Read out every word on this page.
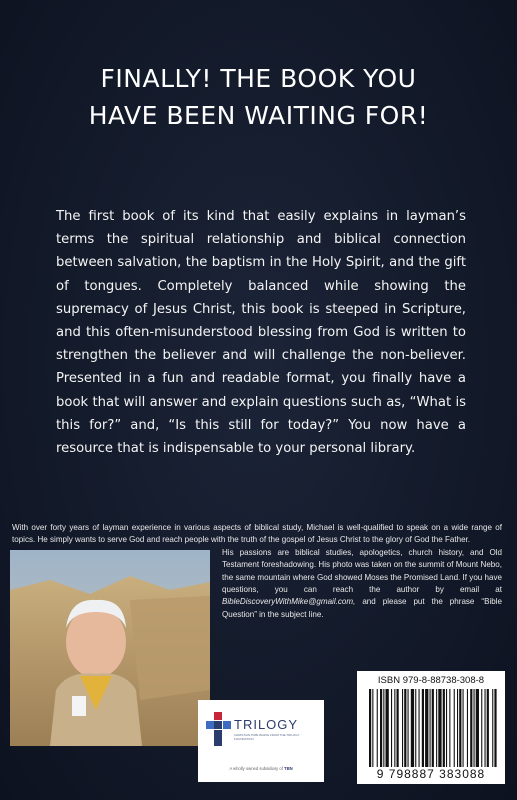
FINALLY! THE BOOK YOU
HAVE BEEN WAITING FOR!

The first book of its kind that easily explains in layman’s terms the spiritual relationship and biblical connection between salvation, the baptism in the Holy Spirit, and the gift of tongues. Completely balanced while showing the supremacy of Jesus Christ, this book is steeped in Scripture, and this often-misunderstood blessing from God is written to strengthen the believer and will challenge the non-believer. Presented in a fun and readable format, you finally have a book that will answer and explain questions such as, “What is this for?” and, “Is this still for today?” You now have a resource that is indispensable to your personal library.

With over forty years of layman experience in various aspects of biblical study, Michael is well-qualified to speak on a wide range of topics. He simply wants to serve God and reach people with the truth of the gospel of Jesus Christ to the glory of God the Father.

His passions are biblical studies, apologetics, church history, and Old Testament foreshadowing. His photo was taken on the summit of Mount Nebo, the same mountain where God showed Moses the Promised Land. If you have questions, you can reach the author by email at BibleDiscoveryWithMike@gmail.com, and please put the phrase “Bible Question” in the subject line.

TRILOGY
CHRISTIAN PUBLISHING FROM THE TRILOGY FOUNDATION
A wholly owned subsidiary of TBN
ISBN 979-8-88738-308-8
9 798887 383088
